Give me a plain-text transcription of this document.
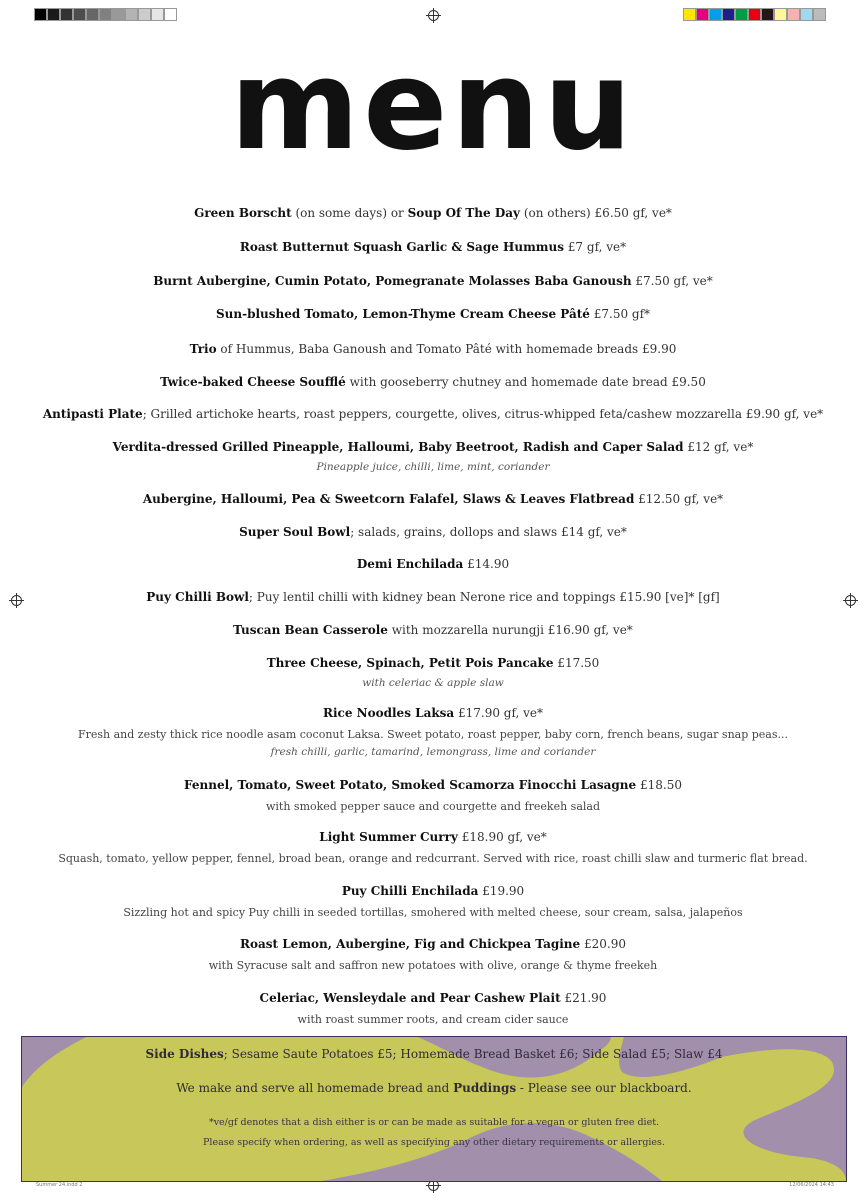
menu
Green Borscht (on some days) or Soup Of The Day (on others) £6.50 gf, ve*
Roast Butternut Squash Garlic & Sage Hummus £7 gf, ve*
Burnt Aubergine, Cumin Potato, Pomegranate Molasses Baba Ganoush £7.50 gf, ve*
Sun-blushed Tomato, Lemon-Thyme Cream Cheese Pâté £7.50 gf*
Trio of Hummus, Baba Ganoush and Tomato Pâté with homemade breads £9.90
Twice-baked Cheese Soufflé with gooseberry chutney and homemade date bread £9.50
Antipasti Plate; Grilled artichoke hearts, roast peppers, courgette, olives, citrus-whipped feta/cashew mozzarella £9.90 gf, ve*
Verdita-dressed Grilled Pineapple, Halloumi, Baby Beetroot, Radish and Caper Salad £12 gf, ve*
Pineapple juice, chilli, lime, mint, coriander
Aubergine, Halloumi, Pea & Sweetcorn Falafel, Slaws & Leaves Flatbread £12.50 gf, ve*
Super Soul Bowl; salads, grains, dollops and slaws £14 gf, ve*
Demi Enchilada £14.90
Puy Chilli Bowl; Puy lentil chilli with kidney bean Nerone rice and toppings £15.90 [ve]* [gf]
Tuscan Bean Casserole with mozzarella nurungji £16.90 gf, ve*
Three Cheese, Spinach, Petit Pois Pancake £17.50
with celeriac & apple slaw
Rice Noodles Laksa £17.90 gf, ve*
Fresh and zesty thick rice noodle asam coconut Laksa. Sweet potato, roast pepper, baby corn, french beans, sugar snap peas...
fresh chilli, garlic, tamarind, lemongrass, lime and coriander
Fennel, Tomato, Sweet Potato, Smoked Scamorza Finocchi Lasagne £18.50
with smoked pepper sauce and courgette and freekeh salad
Light Summer Curry £18.90 gf, ve*
Squash, tomato, yellow pepper, fennel, broad bean, orange and redcurrant. Served with rice, roast chilli slaw and turmeric flat bread.
Puy Chilli Enchilada £19.90
Sizzling hot and spicy Puy chilli in seeded tortillas, smohered with melted cheese, sour cream, salsa, jalapeños
Roast Lemon, Aubergine, Fig and Chickpea Tagine £20.90
with Syracuse salt and saffron new potatoes with olive, orange & thyme freekeh
Celeriac, Wensleydale and Pear Cashew Plait £21.90
with roast summer roots, and cream cider sauce
Side Dishes; Sesame Saute Potatoes £5; Homemade Bread Basket £6; Side Salad £5; Slaw £4
We make and serve all homemade bread and Puddings - Please see our blackboard.
*ve/gf denotes that a dish either is or can be made as suitable for a vegan or gluten free diet.
Please specify when ordering, as well as specifying any other dietary requirements or allergies.
Summer 24.indd 2	12/06/2024 14:43
